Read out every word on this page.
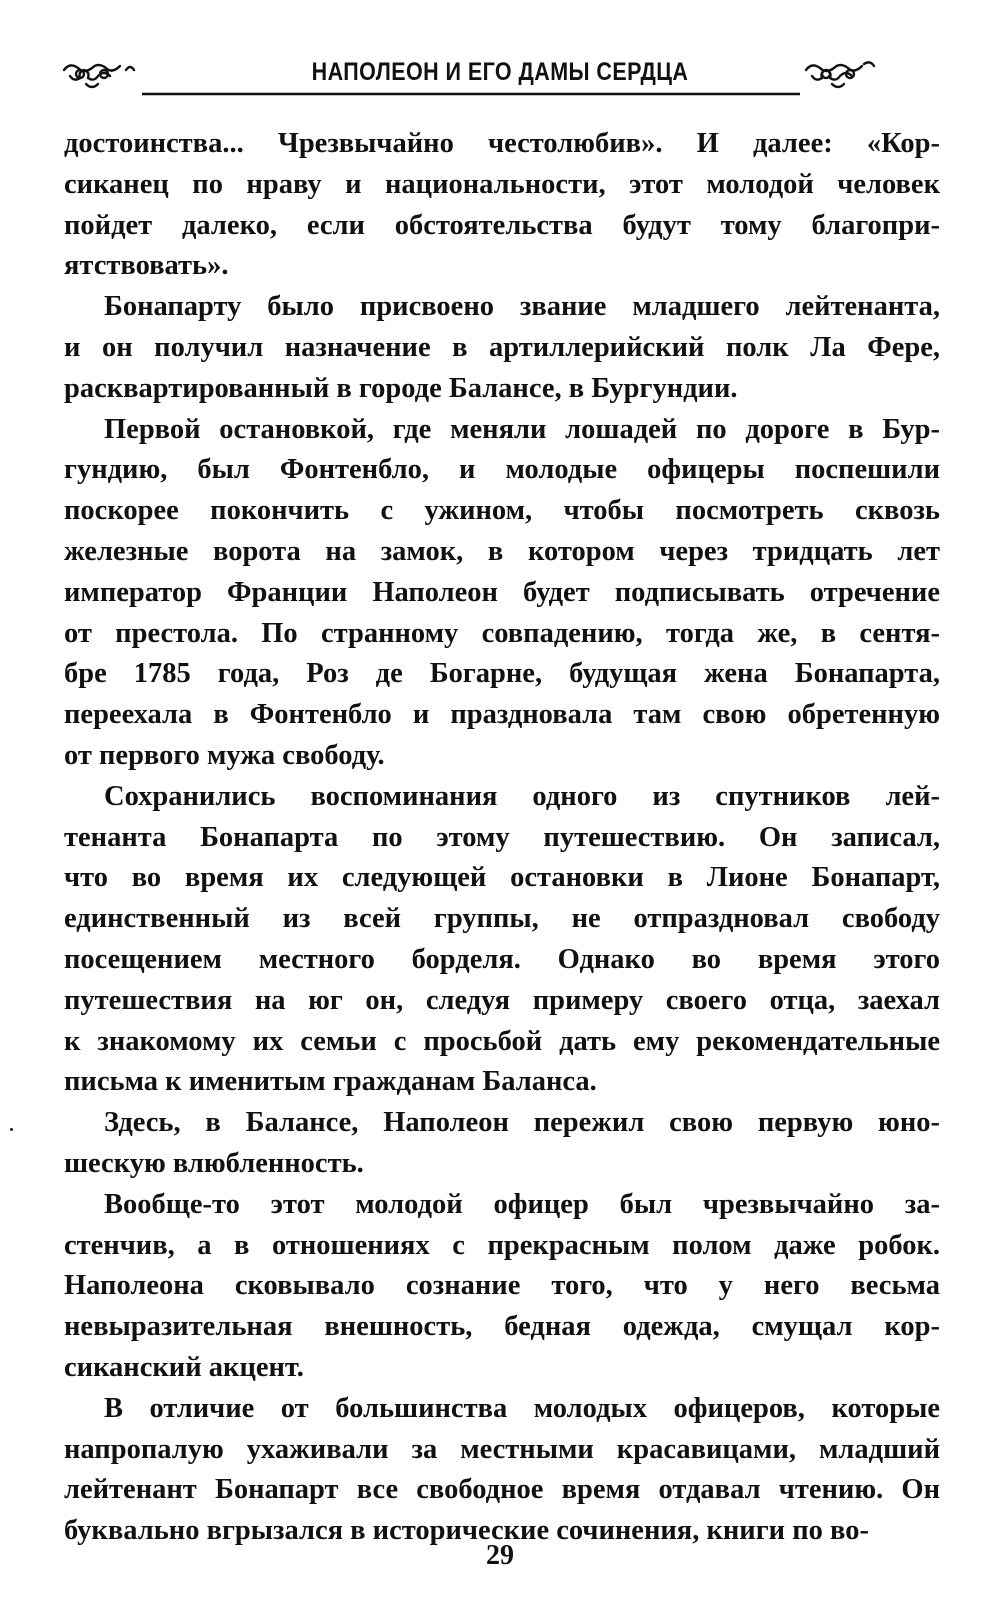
НАПОЛЕОН И ЕГО ДАМЫ СЕРДЦА

достоинства... Чрезвычайно честолюбив». И далее: «Кор-
сиканец по нраву и национальности, этот молодой человек
пойдет далеко, если обстоятельства будут тому благопри-
ятствовать».

Бонапарту было присвоено звание младшего лейтенанта,
и он получил назначение в артиллерийский полк Ла Фере,
расквартированный в городе Балансе, в Бургундии.

Первой остановкой, где меняли лошадей по дороге в Бур-
гундию, был Фонтенбло, и молодые офицеры поспешили
поскорее покончить с ужином, чтобы посмотреть сквозь
железные ворота на замок, в котором через тридцать лет
император Франции Наполеон будет подписывать отречение
от престола. По странному совпадению, тогда же, в сентя-
бре 1785 года, Роз де Богарне, будущая жена Бонапарта,
переехала в Фонтенбло и праздновала там свою обретенную
от первого мужа свободу.

Сохранились воспоминания одного из спутников лей-
тенанта Бонапарта по этому путешествию. Он записал,
что во время их следующей остановки в Лионе Бонапарт,
единственный из всей группы, не отпраздновал свободу
посещением местного борделя. Однако во время этого
путешествия на юг он, следуя примеру своего отца, заехал
к знакомому их семьи с просьбой дать ему рекомендательные
письма к именитым гражданам Баланса.

Здесь, в Балансе, Наполеон пережил свою первую юно-
шескую влюбленность.

Вообще-то этот молодой офицер был чрезвычайно за-
стенчив, а в отношениях с прекрасным полом даже робок.
Наполеона сковывало сознание того, что у него весьма
невыразительная внешность, бедная одежда, смущал кор-
сиканский акцент.

В отличие от большинства молодых офицеров, которые
напропалую ухаживали за местными красавицами, младший
лейтенант Бонапарт все свободное время отдавал чтению. Он
буквально вгрызался в исторические сочинения, книги по во-

29
